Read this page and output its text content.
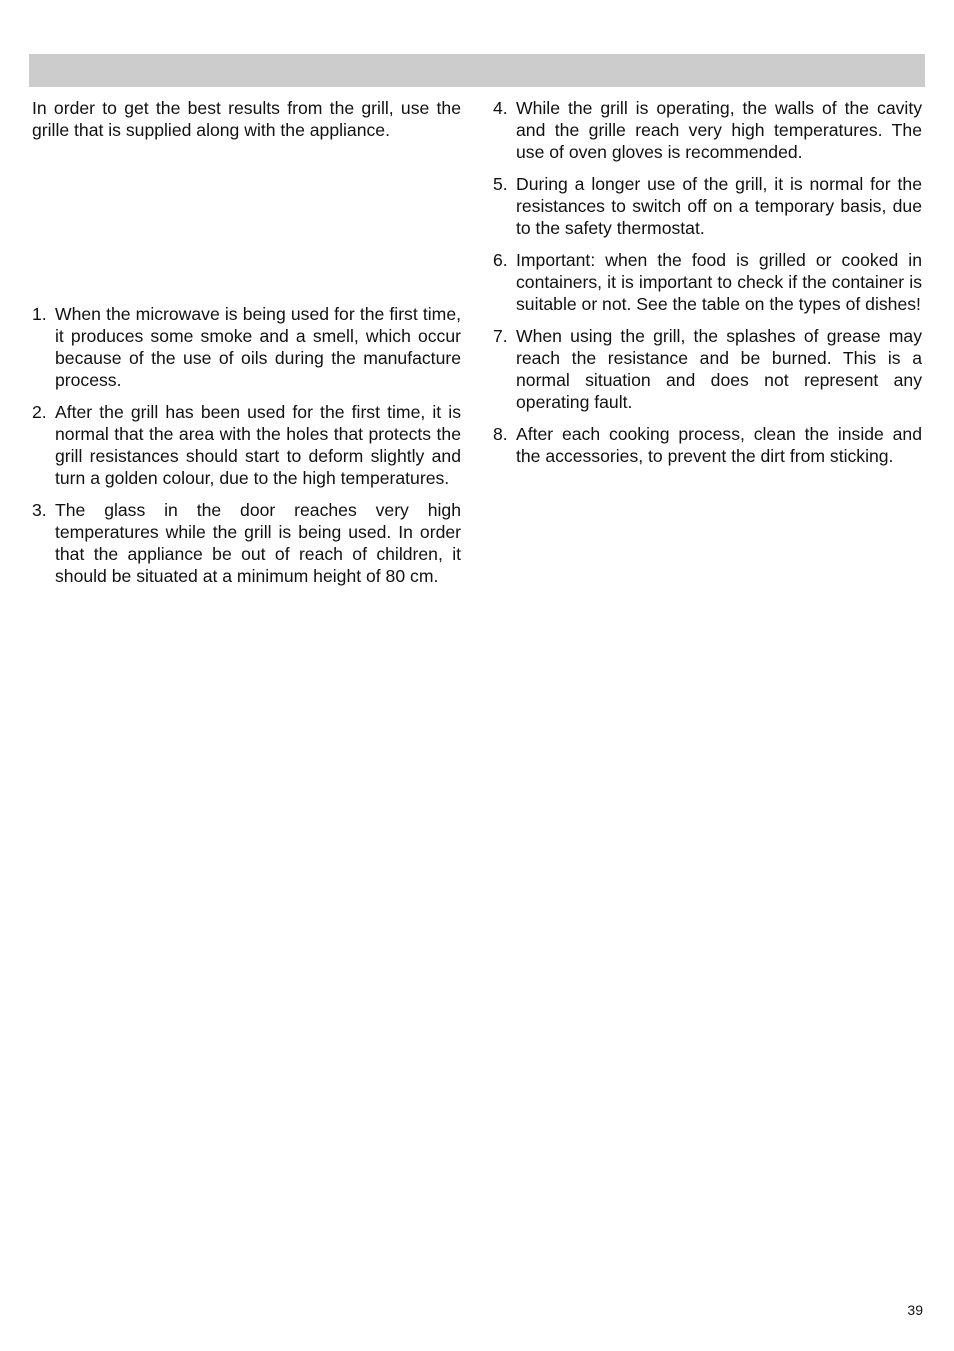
In order to get the best results from the grill, use the grille that is supplied along with the appliance.

1. When the microwave is being used for the first time, it produces some smoke and a smell, which occur because of the use of oils during the manufacture process.
2. After the grill has been used for the first time, it is normal that the area with the holes that protects the grill resistances should start to deform slightly and turn a golden colour, due to the high temperatures.
3. The glass in the door reaches very high temperatures while the grill is being used. In order that the appliance be out of reach of children, it should be situated at a minimum height of 80 cm.
4. While the grill is operating, the walls of the cavity and the grille reach very high temperatures. The use of oven gloves is recommended.
5. During a longer use of the grill, it is normal for the resistances to switch off on a temporary basis, due to the safety thermostat.
6. Important: when the food is grilled or cooked in containers, it is important to check if the container is suitable or not. See the table on the types of dishes!
7. When using the grill, the splashes of grease may reach the resistance and be burned. This is a normal situation and does not represent any operating fault.
8. After each cooking process, clean the inside and the accessories, to prevent the dirt from sticking.
39
